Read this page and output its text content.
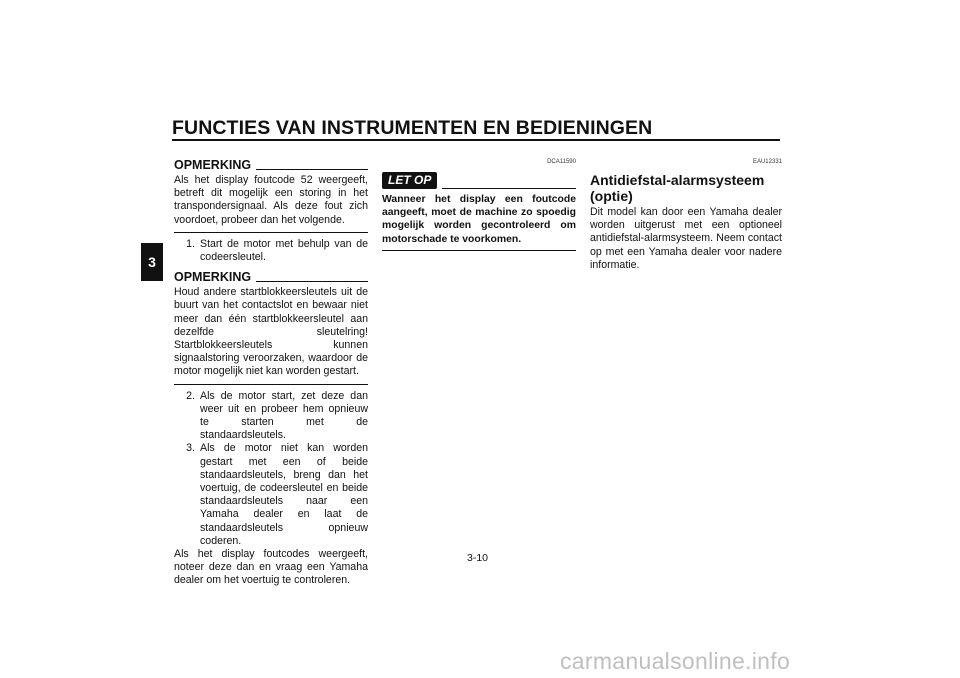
FUNCTIES VAN INSTRUMENTEN EN BEDIENINGEN
3
OPMERKING
Als het display foutcode 52 weergeeft, betreft dit mogelijk een storing in het transpondersignaal. Als deze fout zich voordoet, probeer dan het volgende.
1. Start de motor met behulp van de codeersleutel.
OPMERKING
Houd andere startblokkeersleutels uit de buurt van het contactslot en bewaar niet meer dan één startblokkeersleutel aan dezelfde sleutelring! Startblokkeersleutels kunnen signaalstoring veroorzaken, waardoor de motor mogelijk niet kan worden gestart.
2. Als de motor start, zet deze dan weer uit en probeer hem opnieuw te starten met de standaardsleutels.
3. Als de motor niet kan worden gestart met een of beide standaardsleutels, breng dan het voertuig, de codeersleutel en beide standaardsleutels naar een Yamaha dealer en laat de standaardsleutels opnieuw coderen.
Als het display foutcodes weergeeft, noteer deze dan en vraag een Yamaha dealer om het voertuig te controleren.
DCA11590
LET OP
Wanneer het display een foutcode aangeeft, moet de machine zo spoedig mogelijk worden gecontroleerd om motorschade te voorkomen.
EAU12331
Antidiefstal-alarmsysteem (optie)
Dit model kan door een Yamaha dealer worden uitgerust met een optioneel antidiefstal-alarmsysteem. Neem contact op met een Yamaha dealer voor nadere informatie.
3-10
carmanualsonline.info
